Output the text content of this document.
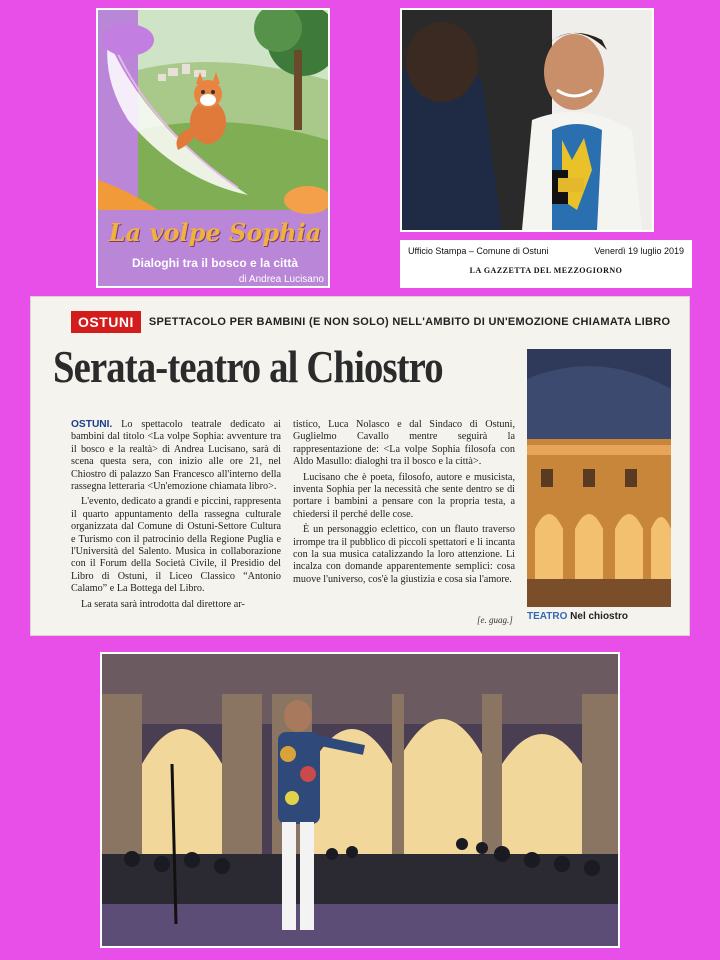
La volpe Sophia
Dialoghi tra il bosco e la città
di Andrea Lucisano
Ufficio Stampa – Comune di Ostuni	Venerdì 19 luglio 2019
LA GAZZETTA DEL MEZZOGIORNO
OSTUNI	SPETTACOLO PER BAMBINI (E NON SOLO) NELL'AMBITO DI UN'EMOZIONE CHIAMATA LIBRO
Serata-teatro al Chiostro

OSTUNI. Lo spettacolo teatrale dedicato ai bambini dal titolo <La volpe Sophia: avventure tra il bosco e la realtà> di Andrea Lucisano, sarà di scena questa sera, con inizio alle ore 21, nel Chiostro di palazzo San Francesco all'interno della rassegna letteraria <Un'emozione chiamata libro>.

L'evento, dedicato a grandi e piccini, rappresenta il quarto appuntamento della rassegna culturale organizzata dal Comune di Ostuni-Settore Cultura e Turismo con il patrocinio della Regione Puglia e l'Università del Salento. Musica in collaborazione con il Forum della Società Civile, il Presidio del Libro di Ostuni, il Liceo Classico “Antonio Calamo” e La Bottega del Libro.

La serata sarà introdotta dal direttore ar-

tistico, Luca Nolasco e dal Sindaco di Ostuni, Guglielmo Cavallo mentre seguirà la rappresentazione de: <La volpe Sophia filosofa con Aldo Masullo: dialoghi tra il bosco e la città>.

Lucisano che è poeta, filosofo, autore e musicista, inventa Sophia per la necessità che sente dentro se di portare i bambini a pensare con la propria testa, a chiedersi il perché delle cose.

È un personaggio eclettico, con un flauto traverso irrompe tra il pubblico di piccoli spettatori e li incanta con la sua musica catalizzando la loro attenzione. Li incalza con domande apparentemente semplici: cosa muove l'universo, cos'è la giustizia e cosa sia l'amore.

[e. guag.] TEATRO Nel chiostro
